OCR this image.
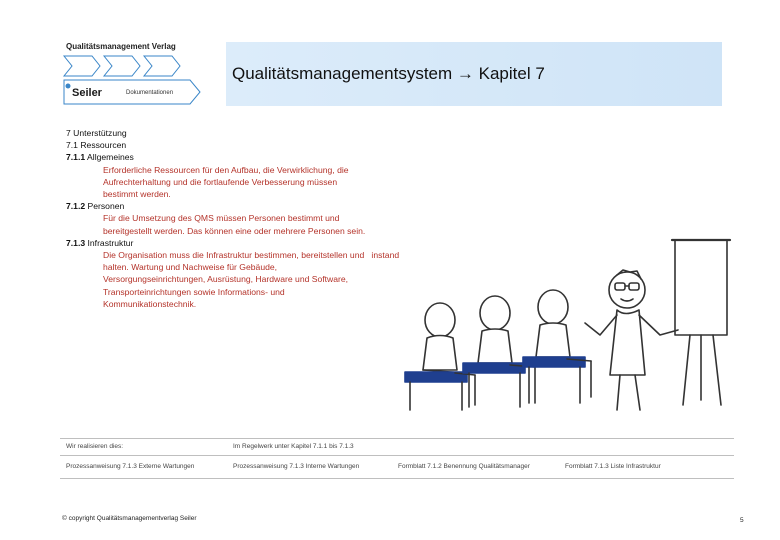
Qualitätsmanagement Verlag
Seiler	Dokumentationen
Qualitätsmanagementsystem → Kapitel 7
7 Unterstützung
7.1 Ressourcen
7.1.1 Allgemeines
Erforderliche Ressourcen für den Aufbau, die Verwirklichung, die
Aufrechterhaltung und die fortlaufende Verbesserung müssen
bestimmt werden.
7.1.2 Personen
Für die Umsetzung des QMS müssen Personen bestimmt und
bereitgestellt werden. Das können eine oder mehrere Personen sein.
7.1.3 Infrastruktur
Die Organisation muss die Infrastruktur bestimmen, bereitstellen und   instand
halten. Wartung und Nachweise für Gebäude,
Versorgungseinrichtungen, Ausrüstung, Hardware und Software,
Transporteinrichtungen sowie Informations- und
Kommunikationstechnik.
Wir realisieren dies:	Im Regelwerk unter Kapitel 7.1.1 bis 7.1.3
Prozessanweisung 7.1.3 Externe Wartungen	Prozessanweisung 7.1.3 Interne Wartungen	Formblatt 7.1.2 Benennung Qualitätsmanager	Formblatt 7.1.3 Liste Infrastruktur
© copyright Qualitätsmanagementverlag Seiler	5
